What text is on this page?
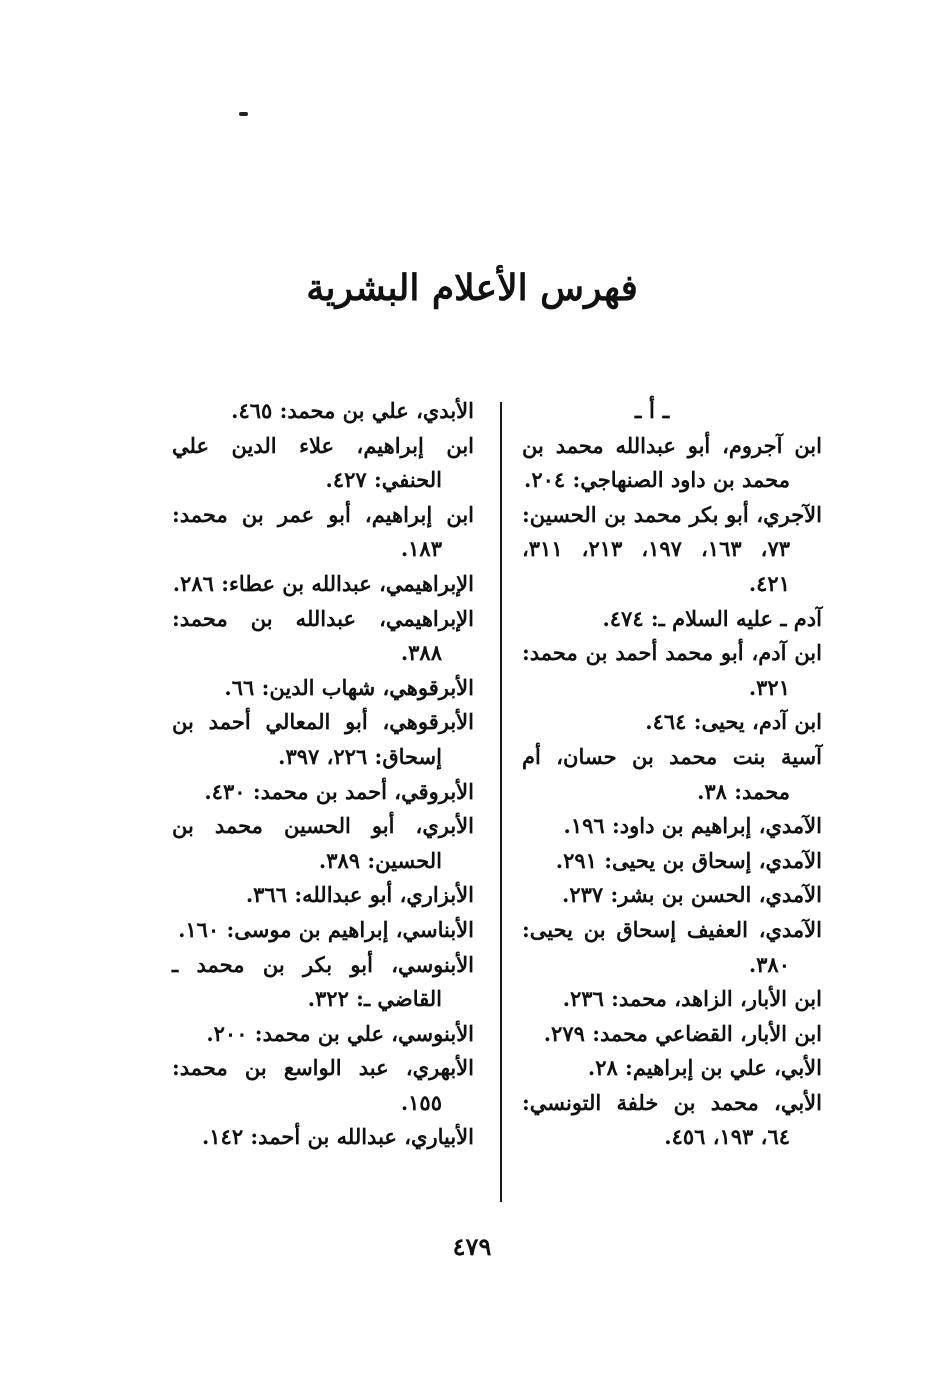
فهرس الأعلام البشرية
ـ أ ـ

ابن آجروم، أبو عبدالله محمد بن محمد بن داود الصنهاجي: ٢٠٤.

الآجري، أبو بكر محمد بن الحسين: ٧٣، ١٦٣، ١٩٧، ٢١٣، ٣١١، ٤٢١.

آدم ـ عليه السلام ـ: ٤٧٤.

ابن آدم، أبو محمد أحمد بن محمد: ٣٢١.

ابن آدم، يحيى: ٤٦٤.

آسية بنت محمد بن حسان، أم محمد: ٣٨.

الآمدي، إبراهيم بن داود: ١٩٦.

الآمدي، إسحاق بن يحيى: ٢٩١.

الآمدي، الحسن بن بشر: ٢٣٧.

الآمدي، العفيف إسحاق بن يحيى: ٣٨٠.

ابن الأبار، الزاهد، محمد: ٢٣٦.

ابن الأبار، القضاعي محمد: ٢٧٩.

الأبي، علي بن إبراهيم: ٢٨.

الأبي، محمد بن خلفة التونسي: ٦٤، ١٩٣، ٤٥٦.

الأبدي، علي بن محمد: ٤٦٥.

ابن إبراهيم، علاء الدين علي الحنفي: ٤٢٧.

ابن إبراهيم، أبو عمر بن محمد: ١٨٣.

الإبراهيمي، عبدالله بن عطاء: ٢٨٦.

الإبراهيمي، عبدالله بن محمد: ٣٨٨.

الأبرقوهي، شهاب الدين: ٦٦.

الأبرقوهي، أبو المعالي أحمد بن إسحاق: ٢٢٦، ٣٩٧.

الأبروقي، أحمد بن محمد: ٤٣٠.

الأبري، أبو الحسين محمد بن الحسين: ٣٨٩.

الأبزاري، أبو عبدالله: ٣٦٦.

الأبناسي، إبراهيم بن موسى: ١٦٠.

الأبنوسي، أبو بكر بن محمد ـ القاضي ـ: ٣٢٢.

الأبنوسي، علي بن محمد: ٢٠٠.

الأبهري، عبد الواسع بن محمد: ١٥٥.

الأبياري، عبدالله بن أحمد: ١٤٢.

٤٧٩
